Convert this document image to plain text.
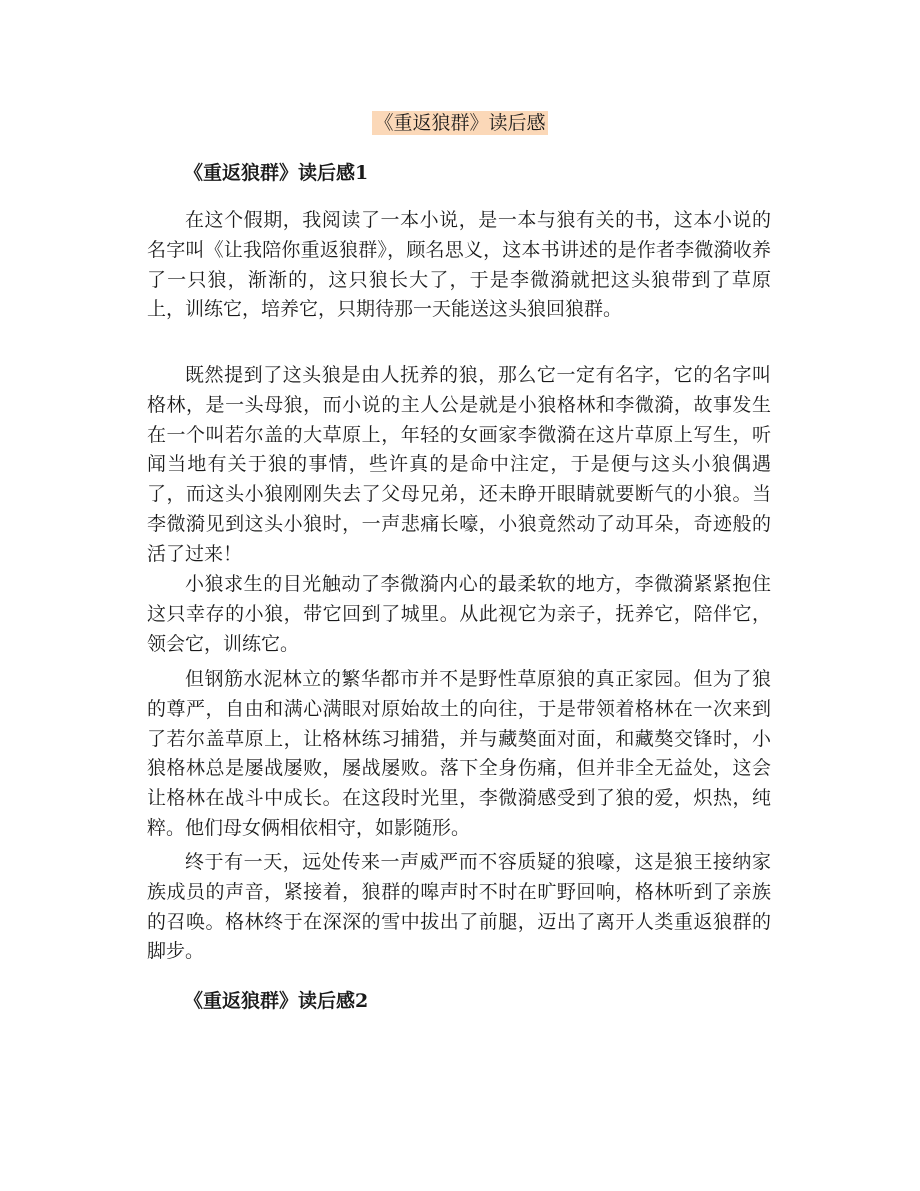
《重返狼群》读后感
《重返狼群》读后感1

在这个假期，我阅读了一本小说，是一本与狼有关的书，这本小说的名字叫《让我陪你重返狼群》，顾名思义，这本书讲述的是作者李微漪收养了一只狼，渐渐的，这只狼长大了，于是李微漪就把这头狼带到了草原上，训练它，培养它，只期待那一天能送这头狼回狼群。

既然提到了这头狼是由人抚养的狼，那么它一定有名字，它的名字叫格林，是一头母狼，而小说的主人公是就是小狼格林和李微漪，故事发生在一个叫若尔盖的大草原上，年轻的女画家李微漪在这片草原上写生，听闻当地有关于狼的事情，些许真的是命中注定，于是便与这头小狼偶遇了，而这头小狼刚刚失去了父母兄弟，还未睁开眼睛就要断气的小狼。当李微漪见到这头小狼时，一声悲痛长嚎，小狼竟然动了动耳朵，奇迹般的活了过来！

小狼求生的目光触动了李微漪内心的最柔软的地方，李微漪紧紧抱住这只幸存的小狼，带它回到了城里。从此视它为亲子，抚养它，陪伴它，领会它，训练它。

但钢筋水泥林立的繁华都市并不是野性草原狼的真正家园。但为了狼的尊严，自由和满心满眼对原始故土的向往，于是带领着格林在一次来到了若尔盖草原上，让格林练习捕猎，并与藏獒面对面，和藏獒交锋时，小狼格林总是屡战屡败，屡战屡败。落下全身伤痛，但并非全无益处，这会让格林在战斗中成长。在这段时光里，李微漪感受到了狼的爱，炽热，纯粹。他们母女俩相依相守，如影随形。

终于有一天，远处传来一声威严而不容质疑的狼嚎，这是狼王接纳家族成员的声音，紧接着，狼群的嗥声时不时在旷野回响，格林听到了亲族的召唤。格林终于在深深的雪中拔出了前腿，迈出了离开人类重返狼群的脚步。

《重返狼群》读后感2
